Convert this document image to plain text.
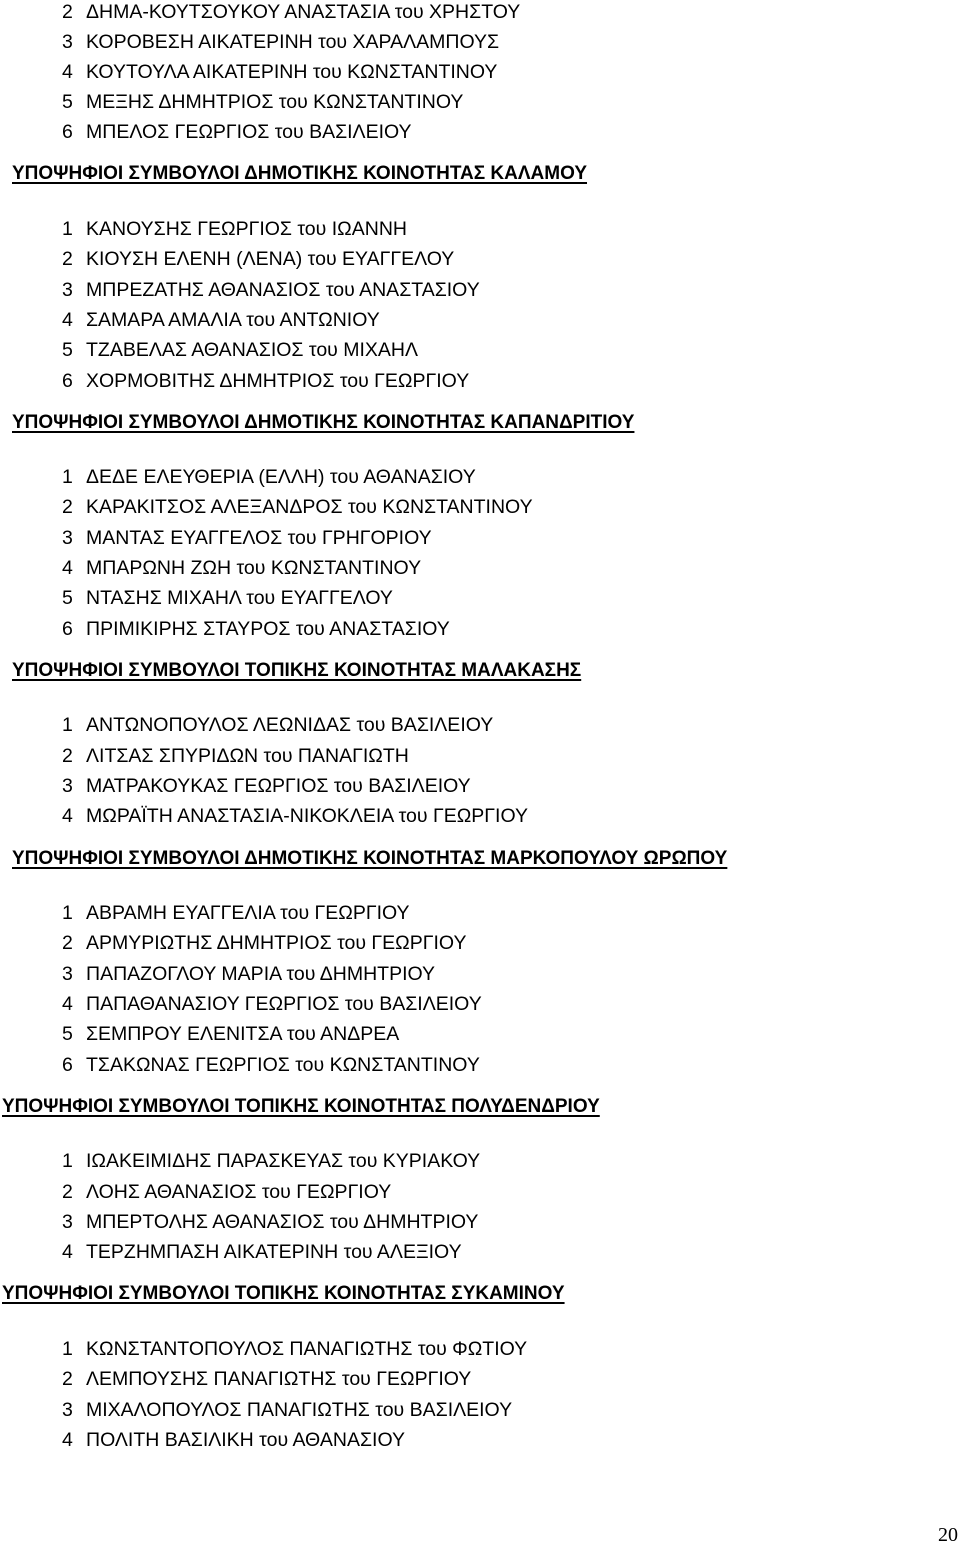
2 ΔΗΜΑ-ΚΟΥΤΣΟΥΚΟΥ ΑΝΑΣΤΑΣΙΑ του ΧΡΗΣΤΟΥ
3 ΚΟΡΟΒΕΣΗ ΑΙΚΑΤΕΡΙΝΗ του ΧΑΡΑΛΑΜΠΟΥΣ
4 ΚΟΥΤΟΥΛΑ ΑΙΚΑΤΕΡΙΝΗ του ΚΩΝΣΤΑΝΤΙΝΟΥ
5 ΜΕΞΗΣ ΔΗΜΗΤΡΙΟΣ του ΚΩΝΣΤΑΝΤΙΝΟΥ
6 ΜΠΕΛΟΣ ΓΕΩΡΓΙΟΣ του ΒΑΣΙΛΕΙΟΥ
ΥΠΟΨΗΦΙΟΙ ΣΥΜΒΟΥΛΟΙ ΔΗΜΟΤΙΚΗΣ ΚΟΙΝΟΤΗΤΑΣ ΚΑΛΑΜΟΥ
1 ΚΑΝΟΥΣΗΣ ΓΕΩΡΓΙΟΣ του ΙΩΑΝΝΗ
2 ΚΙΟΥΣΗ ΕΛΕΝΗ (ΛΕΝΑ) του ΕΥΑΓΓΕΛΟΥ
3 ΜΠΡΕΖΑΤΗΣ ΑΘΑΝΑΣΙΟΣ του ΑΝΑΣΤΑΣΙΟΥ
4 ΣΑΜΑΡΑ ΑΜΑΛΙΑ του ΑΝΤΩΝΙΟΥ
5 ΤΖΑΒΕΛΑΣ ΑΘΑΝΑΣΙΟΣ του ΜΙΧΑΗΛ
6 ΧΟΡΜΟΒΙΤΗΣ ΔΗΜΗΤΡΙΟΣ του ΓΕΩΡΓΙΟΥ
ΥΠΟΨΗΦΙΟΙ ΣΥΜΒΟΥΛΟΙ ΔΗΜΟΤΙΚΗΣ ΚΟΙΝΟΤΗΤΑΣ ΚΑΠΑΝΔΡΙΤΙΟΥ
1 ΔΕΔΕ ΕΛΕΥΘΕΡΙΑ (ΕΛΛΗ) του ΑΘΑΝΑΣΙΟΥ
2 ΚΑΡΑΚΙΤΣΟΣ ΑΛΕΞΑΝΔΡΟΣ του ΚΩΝΣΤΑΝΤΙΝΟΥ
3 ΜΑΝΤΑΣ ΕΥΑΓΓΕΛΟΣ του ΓΡΗΓΟΡΙΟΥ
4 ΜΠΑΡΩΝΗ ΖΩΗ του ΚΩΝΣΤΑΝΤΙΝΟΥ
5 ΝΤΑΣΗΣ ΜΙΧΑΗΛ του ΕΥΑΓΓΕΛΟΥ
6 ΠΡΙΜΙΚΙΡΗΣ ΣΤΑΥΡΟΣ του ΑΝΑΣΤΑΣΙΟΥ
ΥΠΟΨΗΦΙΟΙ ΣΥΜΒΟΥΛΟΙ ΤΟΠΙΚΗΣ ΚΟΙΝΟΤΗΤΑΣ ΜΑΛΑΚΑΣΗΣ
1 ΑΝΤΩΝΟΠΟΥΛΟΣ ΛΕΩΝΙΔΑΣ του ΒΑΣΙΛΕΙΟΥ
2 ΛΙΤΣΑΣ ΣΠΥΡΙΔΩΝ του ΠΑΝΑΓΙΩΤΗ
3 ΜΑΤΡΑΚΟΥΚΑΣ ΓΕΩΡΓΙΟΣ του ΒΑΣΙΛΕΙΟΥ
4 ΜΩΡΑΪΤΗ ΑΝΑΣΤΑΣΙΑ-ΝΙΚΟΚΛΕΙΑ του ΓΕΩΡΓΙΟΥ
ΥΠΟΨΗΦΙΟΙ ΣΥΜΒΟΥΛΟΙ ΔΗΜΟΤΙΚΗΣ ΚΟΙΝΟΤΗΤΑΣ ΜΑΡΚΟΠΟΥΛΟΥ ΩΡΩΠΟΥ
1 ΑΒΡΑΜΗ ΕΥΑΓΓΕΛΙΑ του ΓΕΩΡΓΙΟΥ
2 ΑΡΜΥΡΙΩΤΗΣ ΔΗΜΗΤΡΙΟΣ του ΓΕΩΡΓΙΟΥ
3 ΠΑΠΑΖΟΓΛΟΥ ΜΑΡΙΑ του ΔΗΜΗΤΡΙΟΥ
4 ΠΑΠΑΘΑΝΑΣΙΟΥ ΓΕΩΡΓΙΟΣ του ΒΑΣΙΛΕΙΟΥ
5 ΣΕΜΠΡΟΥ ΕΛΕΝΙΤΣΑ του ΑΝΔΡΕΑ
6 ΤΣΑΚΩΝΑΣ ΓΕΩΡΓΙΟΣ του ΚΩΝΣΤΑΝΤΙΝΟΥ
ΥΠΟΨΗΦΙΟΙ ΣΥΜΒΟΥΛΟΙ ΤΟΠΙΚΗΣ ΚΟΙΝΟΤΗΤΑΣ ΠΟΛΥΔΕΝΔΡΙΟΥ
1 ΙΩΑΚΕΙΜΙΔΗΣ ΠΑΡΑΣΚΕΥΑΣ του ΚΥΡΙΑΚΟΥ
2 ΛΟΗΣ ΑΘΑΝΑΣΙΟΣ του ΓΕΩΡΓΙΟΥ
3 ΜΠΕΡΤΟΛΗΣ ΑΘΑΝΑΣΙΟΣ του ΔΗΜΗΤΡΙΟΥ
4 ΤΕΡΖΗΜΠΑΣΗ ΑΙΚΑΤΕΡΙΝΗ του ΑΛΕΞΙΟΥ
ΥΠΟΨΗΦΙΟΙ ΣΥΜΒΟΥΛΟΙ ΤΟΠΙΚΗΣ ΚΟΙΝΟΤΗΤΑΣ ΣΥΚΑΜΙΝΟΥ
1 ΚΩΝΣΤΑΝΤΟΠΟΥΛΟΣ ΠΑΝΑΓΙΩΤΗΣ του ΦΩΤΙΟΥ
2 ΛΕΜΠΟΥΣΗΣ ΠΑΝΑΓΙΩΤΗΣ του ΓΕΩΡΓΙΟΥ
3 ΜΙΧΑΛΟΠΟΥΛΟΣ ΠΑΝΑΓΙΩΤΗΣ του ΒΑΣΙΛΕΙΟΥ
4 ΠΟΛΙΤΗ ΒΑΣΙΛΙΚΗ του ΑΘΑΝΑΣΙΟΥ
20
